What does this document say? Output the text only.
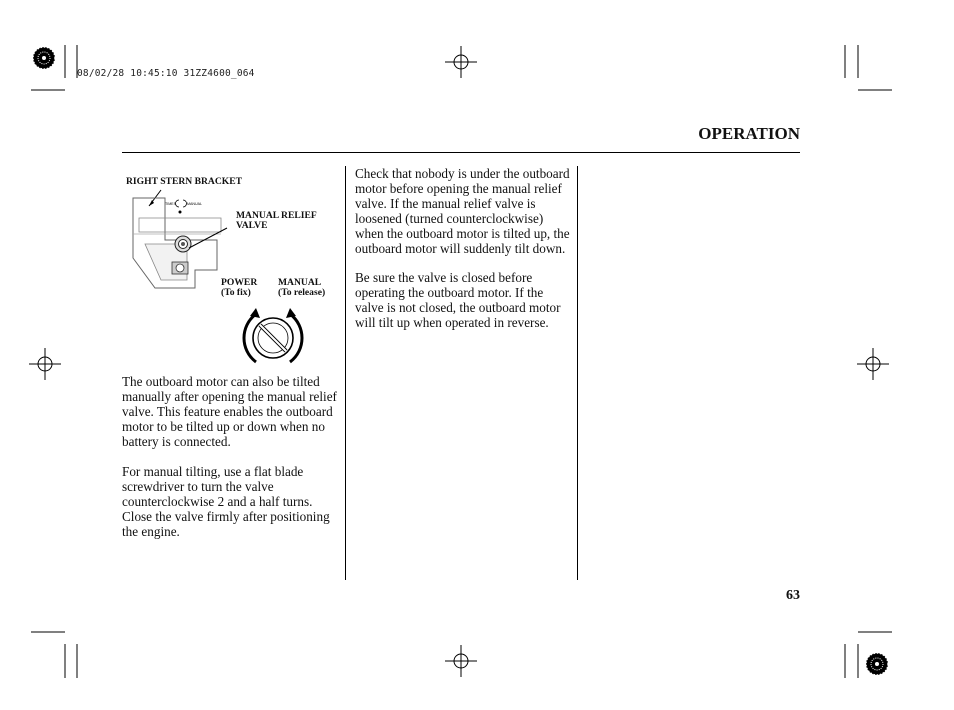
08/02/28 10:45:10 31ZZ4600_064
OPERATION
RIGHT STERN BRACKET
TIMES	MANUAL
MANUAL RELIEF
VALVE
POWER
(To fix)
MANUAL
(To release)

The outboard motor can also be tilted manually after opening the manual relief valve. This feature enables the outboard motor to be tilted up or down when no battery is connected.

For manual tilting, use a flat blade screwdriver to turn the valve counterclockwise 2 and a half turns. Close the valve firmly after positioning the engine.

Check that nobody is under the outboard motor before opening the manual relief valve. If the manual relief valve is loosened (turned counterclockwise) when the outboard motor is tilted up, the outboard motor will suddenly tilt down.

Be sure the valve is closed before operating the outboard motor. If the valve is not closed, the outboard motor will tilt up when operated in reverse.

63
